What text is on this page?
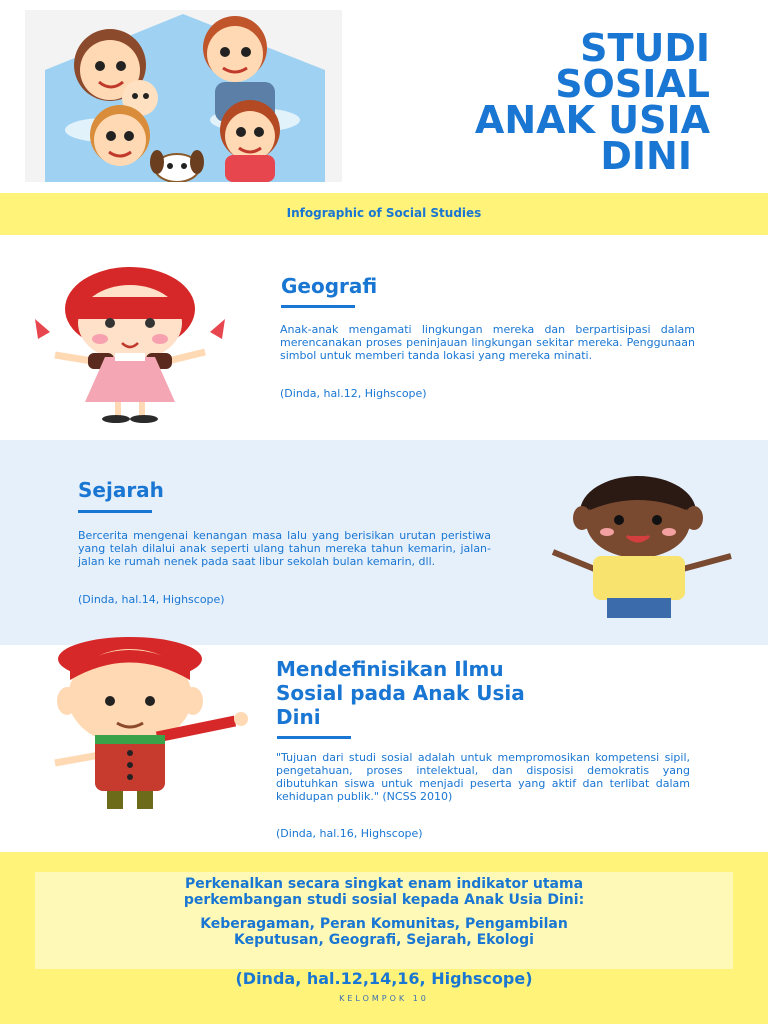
STUDI
SOSIAL
ANAK USIA
DINI
Infographic of Social Studies
Geografi
Anak-anak mengamati lingkungan mereka dan berpartisipasi dalam merencanakan proses peninjauan lingkungan sekitar mereka. Penggunaan simbol untuk memberi tanda lokasi yang mereka minati.
(Dinda, hal.12, Highscope)
Sejarah
Bercerita mengenai kenangan masa lalu yang berisikan urutan peristiwa yang telah dilalui anak seperti ulang tahun mereka tahun kemarin, jalan-jalan ke rumah nenek pada saat libur sekolah bulan kemarin, dll.
(Dinda, hal.14, Highscope)
Mendefinisikan Ilmu
Sosial pada Anak Usia
Dini
"Tujuan dari studi sosial adalah untuk mempromosikan kompetensi sipil, pengetahuan, proses intelektual, dan disposisi demokratis yang dibutuhkan siswa untuk menjadi peserta yang aktif dan terlibat dalam kehidupan publik." (NCSS 2010)
(Dinda, hal.16, Highscope)
Perkenalkan secara singkat enam indikator utama
perkembangan studi sosial kepada Anak Usia Dini:
Keberagaman, Peran Komunitas, Pengambilan
Keputusan, Geografi, Sejarah, Ekologi
(Dinda, hal.12,14,16, Highscope)
KELOMPOK 10
